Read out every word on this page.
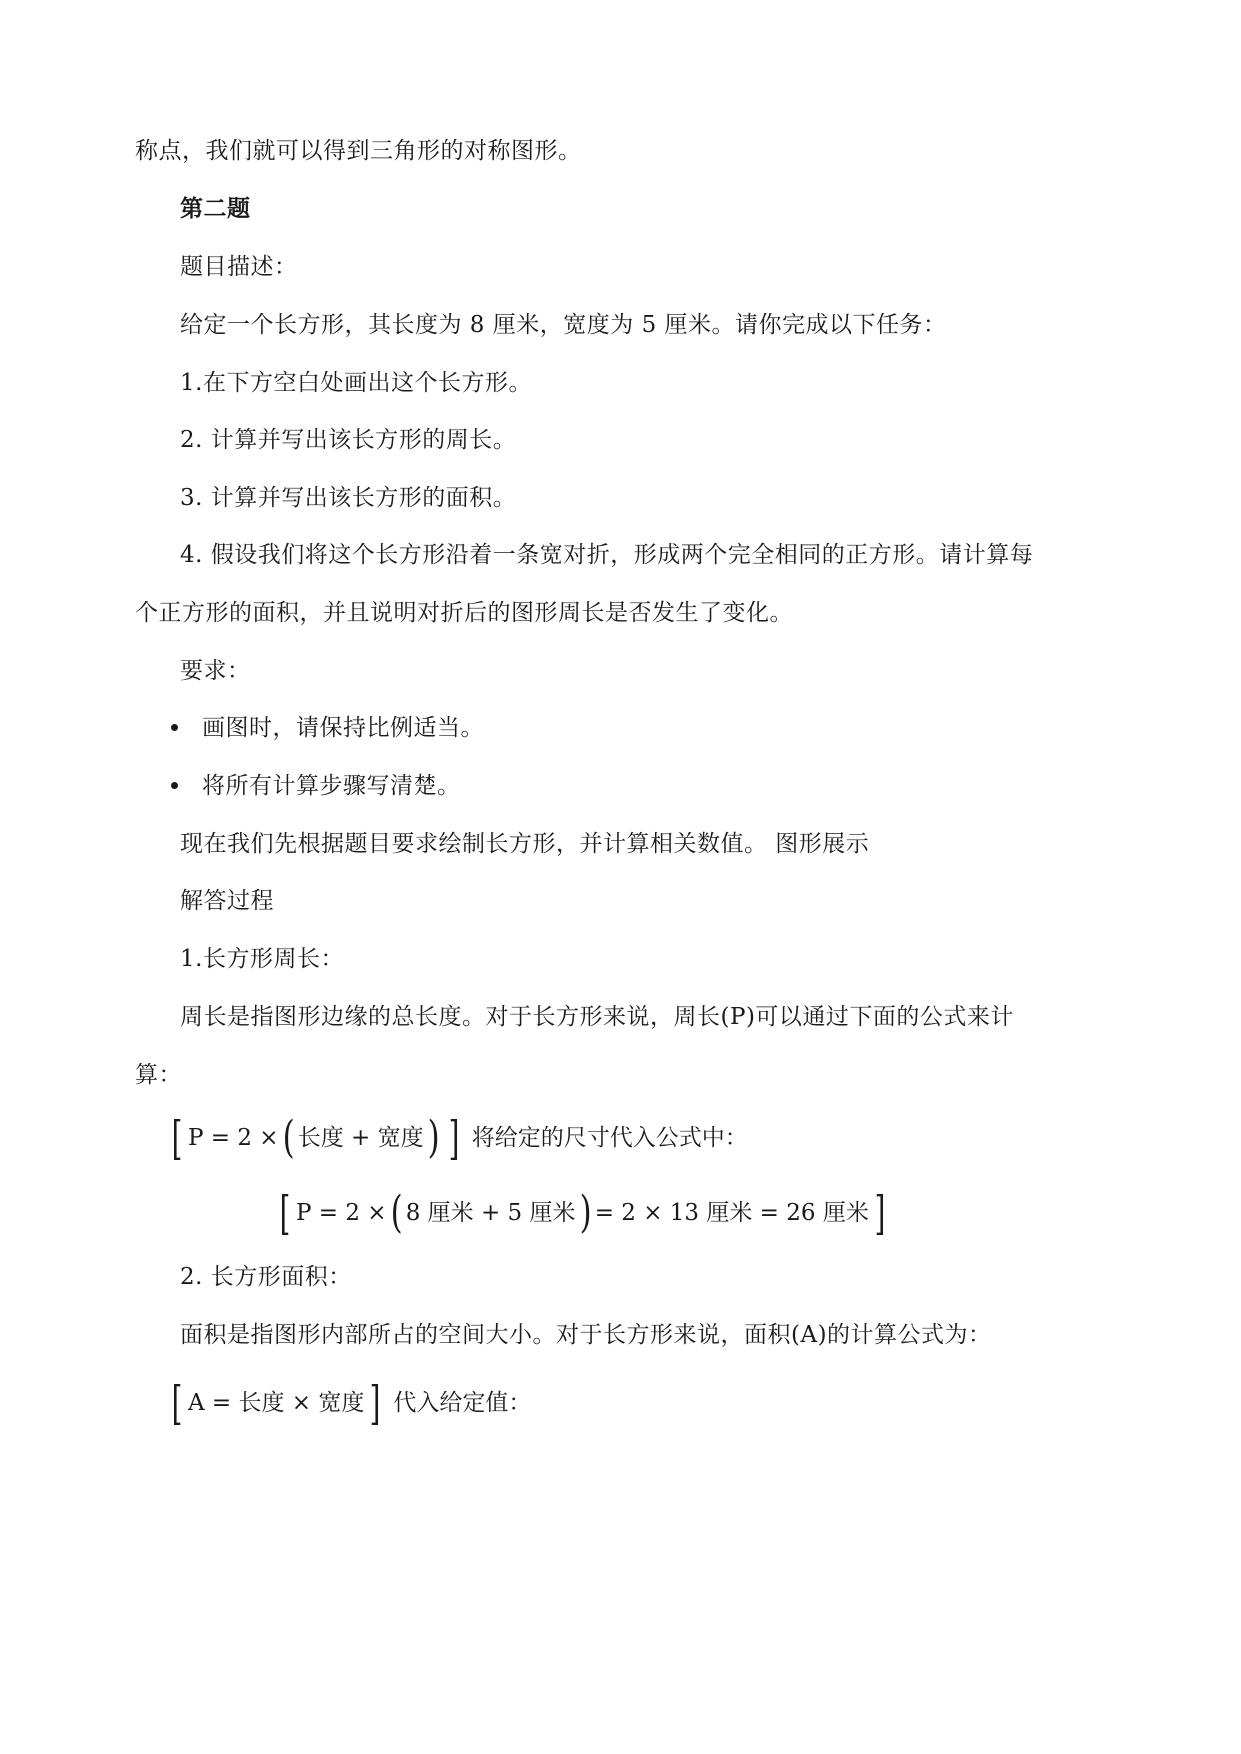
称点，我们就可以得到三角形的对称图形。
第二题
题目描述：
给定一个长方形，其长度为 8 厘米，宽度为 5 厘米。请你完成以下任务：
1.在下方空白处画出这个长方形。
2. 计算并写出该长方形的周长。
3. 计算并写出该长方形的面积。
4. 假设我们将这个长方形沿着一条宽对折，形成两个完全相同的正方形。请计算每
个正方形的面积，并且说明对折后的图形周长是否发生了变化。
要求：
画图时，请保持比例适当。
将所有计算步骤写清楚。
现在我们先根据题目要求绘制长方形，并计算相关数值。 图形展示
解答过程
1.长方形周长：
周长是指图形边缘的总长度。对于长方形来说，周长(P)可以通过下面的公式来计
算：
[ P = 2 × ( 长度 + 宽度 ) ] 将给定的尺寸代入公式中：
[ P = 2 × ( 8 厘米 + 5 厘米 ) = 2 × 13 厘米 = 26 厘米 ]
2. 长方形面积：
面积是指图形内部所占的空间大小。对于长方形来说，面积(A)的计算公式为：
[ A = 长度 × 宽度 ] 代入给定值：
